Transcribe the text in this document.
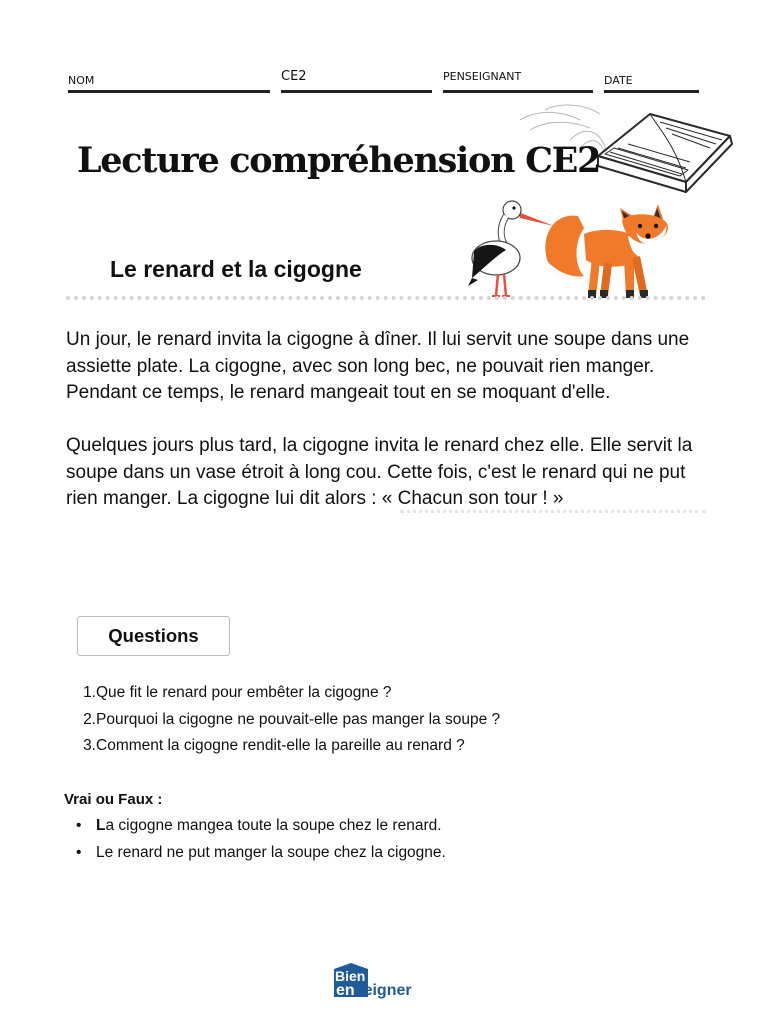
NOM	CE2	PENSEIGNANT	DATE
Lecture compréhension CE2
Le renard et la cigogne

Un jour, le renard invita la cigogne à dîner. Il lui servit une soupe dans une assiette plate. La cigogne, avec son long bec, ne pouvait rien manger. Pendant ce temps, le renard mangeait tout en se moquant d'elle.

Quelques jours plus tard, la cigogne invita le renard chez elle. Elle servit la soupe dans un vase étroit à long cou. Cette fois, c'est le renard qui ne put rien manger. La cigogne lui dit alors : « Chacun son tour ! »

Questions
1. Que fit le renard pour embêter la cigogne ?
2. Pourquoi la cigogne ne pouvait-elle pas manger la soupe ?
3. Comment la cigogne rendit-elle la pareille au renard ?
Vrai ou Faux :
• La cigogne mangea toute la soupe chez le renard.
• Le renard ne put manger la soupe chez la cigogne.
Bien
enseigner
